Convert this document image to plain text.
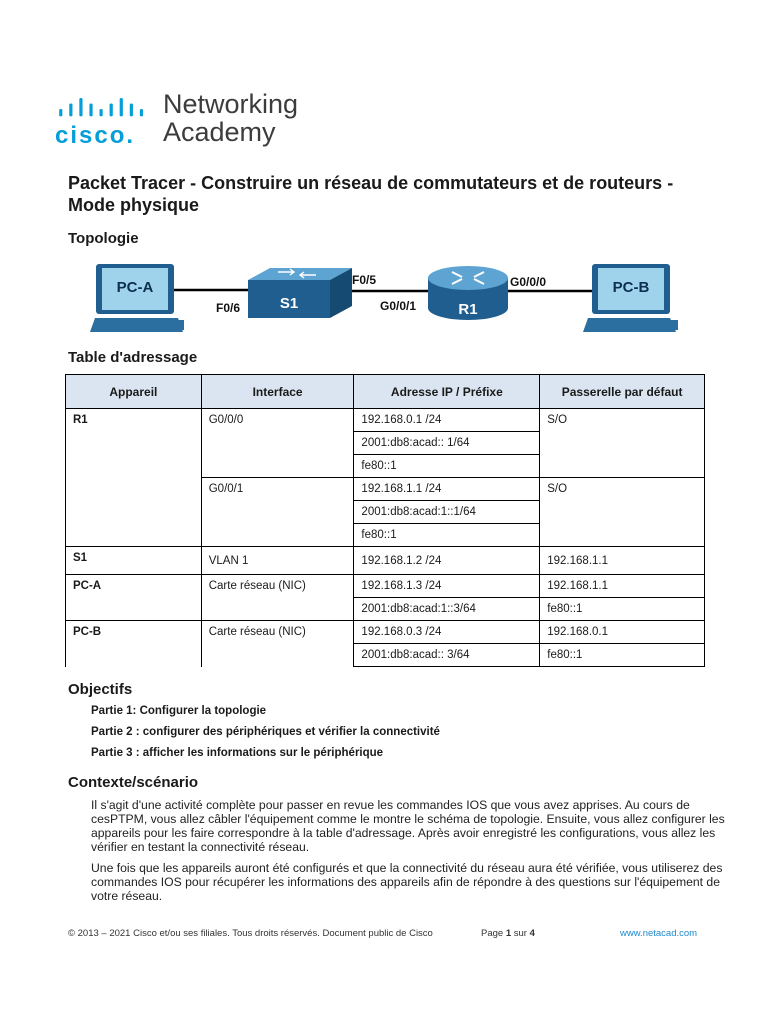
cisco.
Networking
Academy
Packet Tracer - Construire un réseau de commutateurs et de routeurs - Mode physique
Topologie
PC-A
S1	R1
PC-B
F0/6
F0/5
G0/0/1
G0/0/0
Table d'adressage
Appareil	Interface	Adresse IP / Préfixe	Passerelle par défaut
R1	G0/0/0	192.168.0.1 /24	S/O
		2001:db8:acad:: 1/64	
		fe80::1	
	G0/0/1	192.168.1.1 /24	S/O
		2001:db8:acad:1::1/64	
		fe80::1	
S1	VLAN 1	192.168.1.2 /24	192.168.1.1
PC-A	Carte réseau (NIC)	192.168.1.3 /24	192.168.1.1
		2001:db8:acad:1::3/64	fe80::1
PC-B	Carte réseau (NIC)	192.168.0.3 /24	192.168.0.1
		2001:db8:acad:: 3/64	fe80::1
Objectifs

Partie 1: Configurer la topologie

Partie 2 : configurer des périphériques et vérifier la connectivité

Partie 3 : afficher les informations sur le périphérique

Contexte/scénario

Il s'agit d'une activité complète pour passer en revue les commandes IOS que vous avez apprises. Au cours de cesPTPM, vous allez câbler l'équipement comme le montre le schéma de topologie. Ensuite, vous allez configurer les appareils pour les faire correspondre à la table d'adressage. Après avoir enregistré les configurations, vous allez les vérifier en testant la connectivité réseau.

Une fois que les appareils auront été configurés et que la connectivité du réseau aura été vérifiée, vous utiliserez des commandes IOS pour récupérer les informations des appareils afin de répondre à des questions sur l'équipement de votre réseau.

© 2013 – 2021 Cisco et/ou ses filiales. Tous droits réservés. Document public de Cisco	Page 1 sur 4	www.netacad.com
